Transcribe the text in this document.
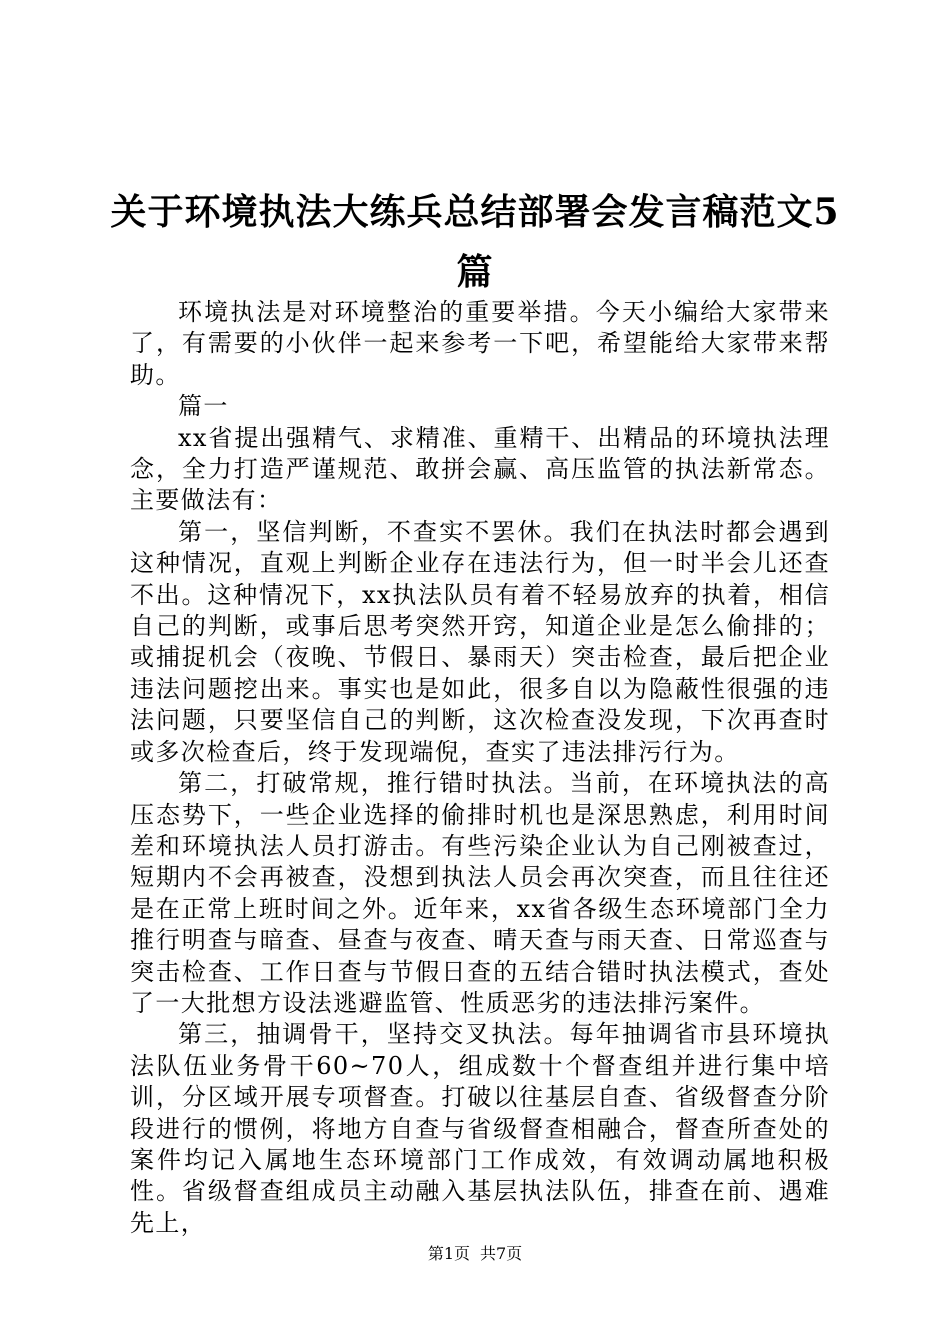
关于环境执法大练兵总结部署会发言稿范文5篇

环境执法是对环境整治的重要举措。今天小编给大家带来了，有需要的小伙伴一起来参考一下吧，希望能给大家带来帮助。

篇一

xx省提出强精气、求精准、重精干、出精品的环境执法理念，全力打造严谨规范、敢拼会赢、高压监管的执法新常态。主要做法有：

第一，坚信判断，不查实不罢休。我们在执法时都会遇到这种情况，直观上判断企业存在违法行为，但一时半会儿还查不出。这种情况下，xx执法队员有着不轻易放弃的执着，相信自己的判断，或事后思考突然开窍，知道企业是怎么偷排的；或捕捉机会（夜晚、节假日、暴雨天）突击检查，最后把企业违法问题挖出来。事实也是如此，很多自以为隐蔽性很强的违法问题，只要坚信自己的判断，这次检查没发现，下次再查时或多次检查后，终于发现端倪，查实了违法排污行为。

第二，打破常规，推行错时执法。当前，在环境执法的高压态势下，一些企业选择的偷排时机也是深思熟虑，利用时间差和环境执法人员打游击。有些污染企业认为自己刚被查过，短期内不会再被查，没想到执法人员会再次突查，而且往往还是在正常上班时间之外。近年来，xx省各级生态环境部门全力推行明查与暗查、昼查与夜查、晴天查与雨天查、日常巡查与突击检查、工作日查与节假日查的五结合错时执法模式，查处了一大批想方设法逃避监管、性质恶劣的违法排污案件。

第三，抽调骨干，坚持交叉执法。每年抽调省市县环境执法队伍业务骨干60~70人，组成数十个督查组并进行集中培训，分区域开展专项督查。打破以往基层自查、省级督查分阶段进行的惯例，将地方自查与省级督查相融合，督查所查处的案件均记入属地生态环境部门工作成效，有效调动属地积极性。省级督查组成员主动融入基层执法队伍，排查在前、遇难先上，

第1页 共7页
